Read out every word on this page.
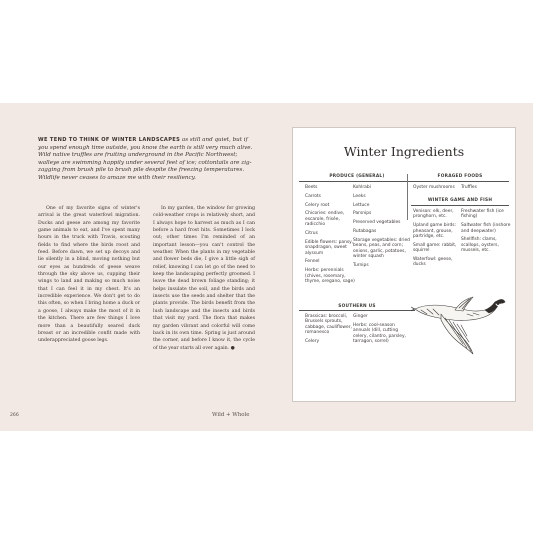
WE TEND TO THINK OF WINTER LANDSCAPES as still and quiet, but if you spend enough time outside, you know the earth is still very much alive. Wild native truffles are fruiting underground in the Pacific Northwest; walleye are swimming happily under several feet of ice; cottontails are zig-zagging from brush pile to brush pile despite the freezing temperatures. Wildlife never ceases to amaze me with their resiliency.

One of my favorite signs of winter's arrival is the great waterfowl migration. Ducks and geese are among my favorite game animals to eat, and I've spent many hours in the truck with Travis, scouting fields to find where the birds roost and feed. Before dawn, we set up decoys and lie silently in a blind, moving nothing but our eyes as hundreds of geese weave through the sky above us, cupping their wings to land and making so much noise that I can feel it in my chest. It's an incredible experience. We don't get to do this often, so when I bring home a duck or a goose, I always make the most of it in the kitchen. There are few things I love more than a beautifully seared duck breast or an incredible confit made with underappreciated goose legs.

In my garden, the window for growing cold-weather crops is relatively short, and I always hope to harvest as much as I can before a hard frost hits. Sometimes I lock out; other times I'm reminded of an important lesson—you can't control the weather. When the plants in my vegetable and flower beds die, I give a little sigh of relief, knowing I can let go of the need to keep the landscaping perfectly groomed. I leave the dead brown foliage standing; it helps insulate the soil, and the birds and insects use the seeds and shelter that the plants provide. The birds benefit from the lush landscape and the insects and birds that visit my yard. The flora that makes my garden vibrant and colorful will come back in its own time. Spring is just around the corner, and before I know it, the cycle of the year starts all over again. ●

266	Wild + Whole
Winter Ingredients
PRODUCE (GENERAL)
Beets
Carrots
Celery root
Chicories: endive, escarole, frisée, radicchio
Citrus
Edible flowers: pansy, snapdragon, sweet alyssum
Fennel
Herbs: perennials (chives, rosemary, thyme, oregano, sage)
Kohlrabi
Leeks
Lettuce
Parsnips
Preserved vegetables
Rutabagas
Storage vegetables: dried beans, peas, and corn; onions, garlic, potatoes, winter squash
Turnips
SOUTHERN US
Brassicas: broccoli, Brussels sprouts, cabbage, cauliflower, romanesco
Celery
Ginger
Herbs: cool-season annuals (dill, cutting celery, cilantro, parsley, tarragon, sorrel)
FORAGED FOODS
Oyster mushrooms	Truffles
WINTER GAME AND FISH
Venison: elk, deer, pronghorn, etc.
Upland game birds: pheasant, grouse, partridge, etc.
Small game: rabbit, squirrel
Waterfowl: geese, ducks
Freshwater fish (ice fishing)
Saltwater fish (inshore and deepwater)
Shellfish: clams, scallops, oysters, mussels, etc.
